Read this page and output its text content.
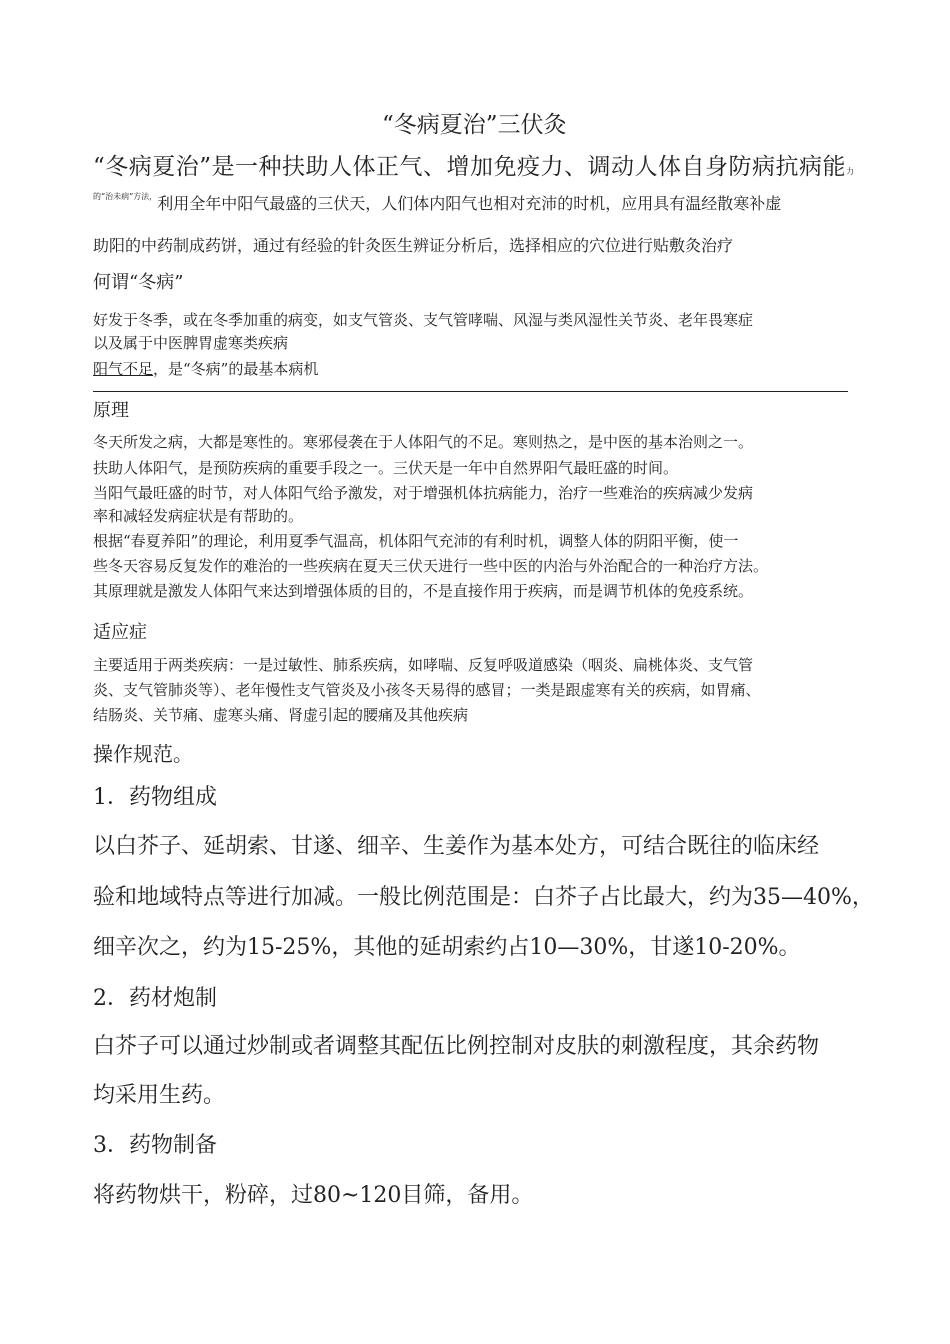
“冬病夏治”三伏灸
“冬病夏治”是一种扶助人体正气、增加免疫力、调动人体自身防病抗病能力
$^{的“治未病”方法,}$利用全年中阳气最盛的三伏天，人们体内阳气也相对充沛的时机，应用具有温经散寒补虚
助阳的中药制成药饼，通过有经验的针灸医生辨证分析后，选择相应的穴位进行贴敷灸治疗
何谓“冬病”
好发于冬季，或在冬季加重的病变，如支气管炎、支气管哮喘、风湿与类风湿性关节炎、老年畏寒症
以及属于中医脾胃虚寒类疾病
阳气不足，是“冬病”的最基本病机
原理
冬天所发之病，大都是寒性的。寒邪侵袭在于人体阳气的不足。寒则热之，是中医的基本治则之一。
扶助人体阳气，是预防疾病的重要手段之一。三伏天是一年中自然界阳气最旺盛的时间。
当阳气最旺盛的时节，对人体阳气给予激发，对于增强机体抗病能力，治疗一些难治的疾病减少发病
率和减轻发病症状是有帮助的。
根据“春夏养阳”的理论，利用夏季气温高，机体阳气充沛的有利时机，调整人体的阴阳平衡，使一
些冬天容易反复发作的难治的一些疾病在夏天三伏天进行一些中医的内治与外治配合的一种治疗方法。
其原理就是激发人体阳气来达到增强体质的目的，不是直接作用于疾病，而是调节机体的免疫系统。
适应症
主要适用于两类疾病：一是过敏性、肺系疾病，如哮喘、反复呼吸道感染（咽炎、扁桃体炎、支气管
炎、支气管肺炎等）、老年慢性支气管炎及小孩冬天易得的感冒；一类是跟虚寒有关的疾病，如胃痛、
结肠炎、关节痛、虚寒头痛、肾虚引起的腰痛及其他疾病
操作规范。
1．药物组成
以白芥子、延胡索、甘遂、细辛、生姜作为基本处方，可结合既往的临床经
验和地域特点等进行加减。一般比例范围是：白芥子占比最大，约为35—40%，
细辛次之，约为15-25%，其他的延胡索约占10—30%，甘遂10-20%。
2．药材炮制
白芥子可以通过炒制或者调整其配伍比例控制对皮肤的刺激程度，其余药物
均采用生药。
3．药物制备
将药物烘干，粉碎，过80~120目筛，备用。
